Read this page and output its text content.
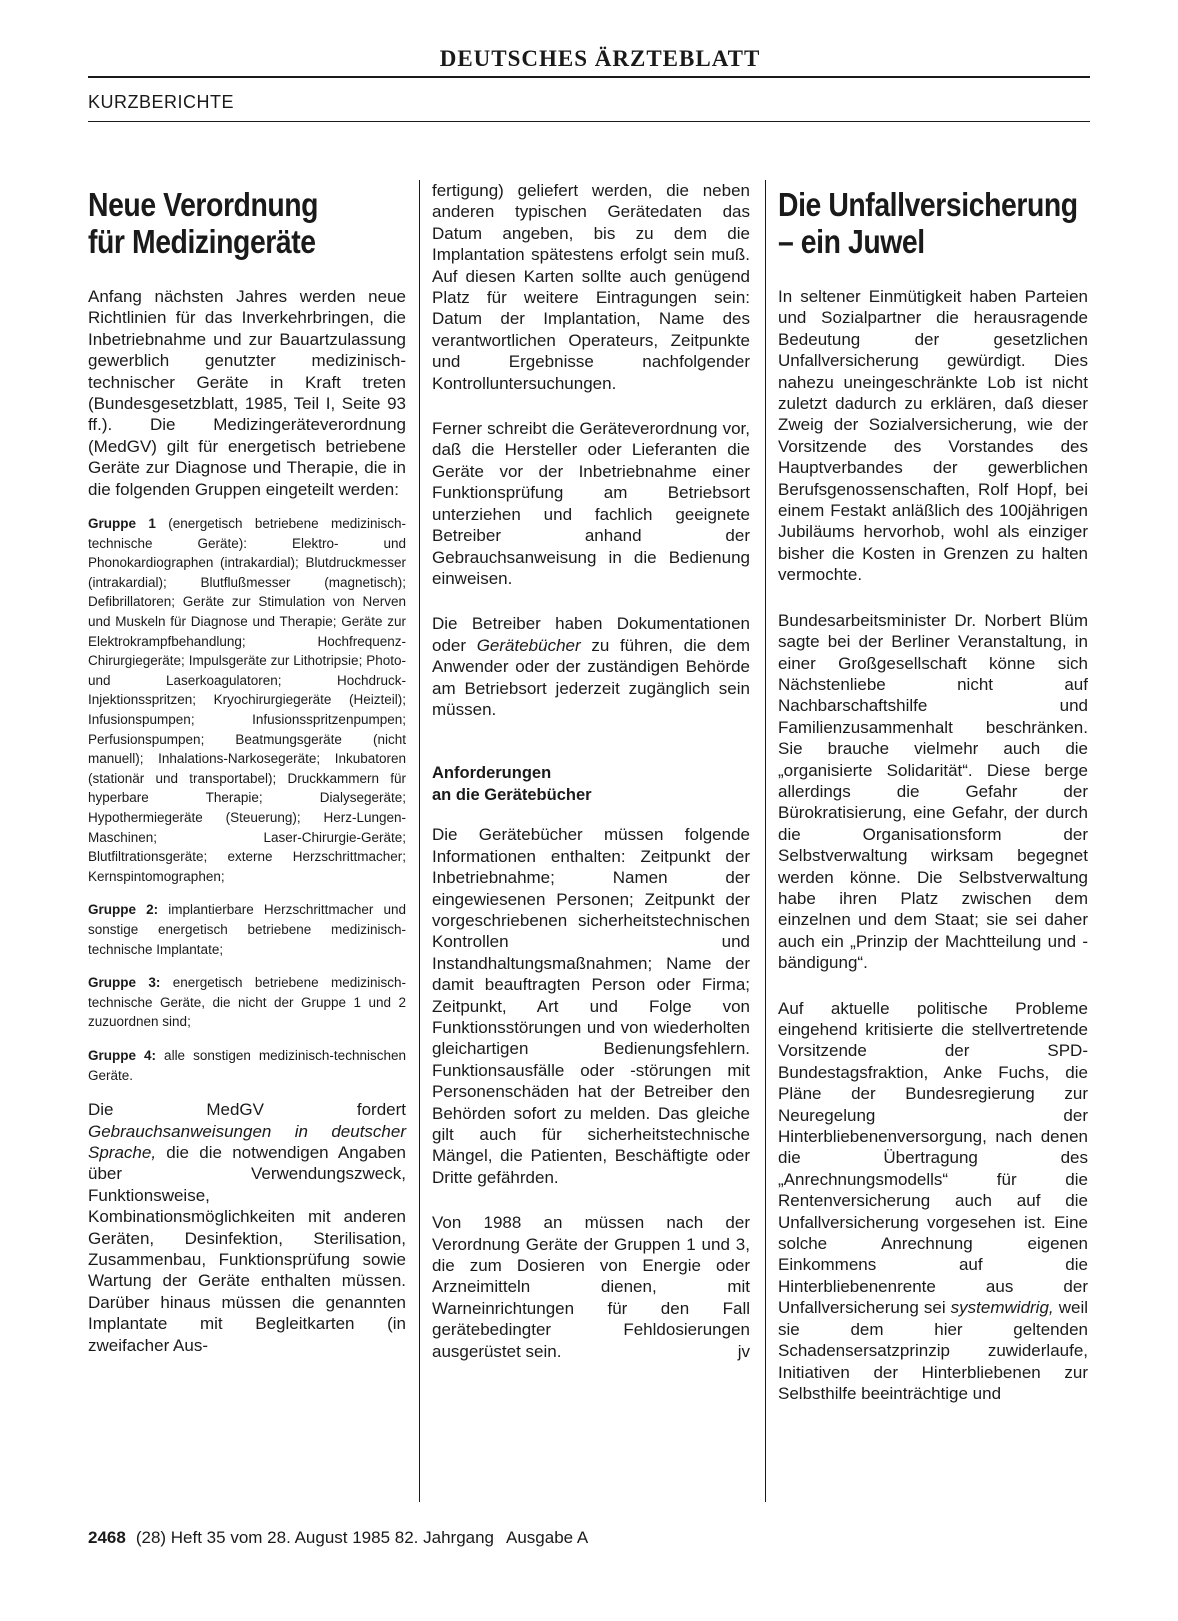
DEUTSCHES ÄRZTEBLATT
KURZBERICHTE
Neue Verordnung
für Medizingeräte

Anfang nächsten Jahres werden neue Richtlinien für das Inverkehrbringen, die Inbetriebnahme und zur Bauartzulassung gewerblich genutzter medizinisch-technischer Geräte in Kraft treten (Bundesgesetzblatt, 1985, Teil I, Seite 93 ff.). Die Medizingeräteverordnung (MedGV) gilt für energetisch betriebene Geräte zur Diagnose und Therapie, die in die folgenden Gruppen eingeteilt werden:

Gruppe 1 (energetisch betriebene medizinisch-technische Geräte): Elektro- und Phonokardiographen (intrakardial); Blutdruckmesser (intrakardial); Blutflußmesser (magnetisch); Defibrillatoren; Geräte zur Stimulation von Nerven und Muskeln für Diagnose und Therapie; Geräte zur Elektrokrampfbehandlung; Hochfrequenz-Chirurgiegeräte; Impulsgeräte zur Lithotripsie; Photo- und Laserkoagulatoren; Hochdruck-Injektionsspritzen; Kryochirurgiegeräte (Heizteil); Infusionspumpen; Infusionsspritzenpumpen; Perfusionspumpen; Beatmungsgeräte (nicht manuell); Inhalations-Narkosegeräte; Inkubatoren (stationär und transportabel); Druckkammern für hyperbare Therapie; Dialysegeräte; Hypothermiegeräte (Steuerung); Herz-Lungen-Maschinen; Laser-Chirurgie-Geräte; Blutfiltrationsgeräte; externe Herzschrittmacher; Kernspintomographen;

Gruppe 2: implantierbare Herzschrittmacher und sonstige energetisch betriebene medizinisch-technische Implantate;

Gruppe 3: energetisch betriebene medizinisch-technische Geräte, die nicht der Gruppe 1 und 2 zuzuordnen sind;

Gruppe 4: alle sonstigen medizinisch-technischen Geräte.

Die MedGV fordert Gebrauchsanweisungen in deutscher Sprache, die die notwendigen Angaben über Verwendungszweck, Funktionsweise, Kombinationsmöglichkeiten mit anderen Geräten, Desinfektion, Sterilisation, Zusammenbau, Funktionsprüfung sowie Wartung der Geräte enthalten müssen. Darüber hinaus müssen die genannten Implantate mit Begleitkarten (in zweifacher Aus-

fertigung) geliefert werden, die neben anderen typischen Gerätedaten das Datum angeben, bis zu dem die Implantation spätestens erfolgt sein muß. Auf diesen Karten sollte auch genügend Platz für weitere Eintragungen sein: Datum der Implantation, Name des verantwortlichen Operateurs, Zeitpunkte und Ergebnisse nachfolgender Kontrolluntersuchungen.

Ferner schreibt die Geräteverordnung vor, daß die Hersteller oder Lieferanten die Geräte vor der Inbetriebnahme einer Funktionsprüfung am Betriebsort unterziehen und fachlich geeignete Betreiber anhand der Gebrauchsanweisung in die Bedienung einweisen.

Die Betreiber haben Dokumentationen oder Gerätebücher zu führen, die dem Anwender oder der zuständigen Behörde am Betriebsort jederzeit zugänglich sein müssen.

Anforderungen
an die Gerätebücher

Die Gerätebücher müssen folgende Informationen enthalten: Zeitpunkt der Inbetriebnahme; Namen der eingewiesenen Personen; Zeitpunkt der vorgeschriebenen sicherheitstechnischen Kontrollen und Instandhaltungsmaßnahmen; Name der damit beauftragten Person oder Firma; Zeitpunkt, Art und Folge von Funktionsstörungen und von wiederholten gleichartigen Bedienungsfehlern. Funktionsausfälle oder -störungen mit Personenschäden hat der Betreiber den Behörden sofort zu melden. Das gleiche gilt auch für sicherheitstechnische Mängel, die Patienten, Beschäftigte oder Dritte gefährden.

Von 1988 an müssen nach der Verordnung Geräte der Gruppen 1 und 3, die zum Dosieren von Energie oder Arzneimitteln dienen, mit Warneinrichtungen für den Fall gerätebedingter Fehldosierungen ausgerüstet sein.	jv

Die Unfallversicherung
– ein Juwel

In seltener Einmütigkeit haben Parteien und Sozialpartner die herausragende Bedeutung der gesetzlichen Unfallversicherung gewürdigt. Dies nahezu uneingeschränkte Lob ist nicht zuletzt dadurch zu erklären, daß dieser Zweig der Sozialversicherung, wie der Vorsitzende des Vorstandes des Hauptverbandes der gewerblichen Berufsgenossenschaften, Rolf Hopf, bei einem Festakt anläßlich des 100jährigen Jubiläums hervorhob, wohl als einziger bisher die Kosten in Grenzen zu halten vermochte.

Bundesarbeitsminister Dr. Norbert Blüm sagte bei der Berliner Veranstaltung, in einer Großgesellschaft könne sich Nächstenliebe nicht auf Nachbarschaftshilfe und Familienzusammenhalt beschränken. Sie brauche vielmehr auch die „organisierte Solidarität“. Diese berge allerdings die Gefahr der Bürokratisierung, eine Gefahr, der durch die Organisationsform der Selbstverwaltung wirksam begegnet werden könne. Die Selbstverwaltung habe ihren Platz zwischen dem einzelnen und dem Staat; sie sei daher auch ein „Prinzip der Machtteilung und -bändigung“.

Auf aktuelle politische Probleme eingehend kritisierte die stellvertretende Vorsitzende der SPD-Bundestagsfraktion, Anke Fuchs, die Pläne der Bundesregierung zur Neuregelung der Hinterbliebenenversorgung, nach denen die Übertragung des „Anrechnungsmodells“ für die Rentenversicherung auch auf die Unfallversicherung vorgesehen ist. Eine solche Anrechnung eigenen Einkommens auf die Hinterbliebenenrente aus der Unfallversicherung sei systemwidrig, weil sie dem hier geltenden Schadensersatzprinzip zuwiderlaufe, Initiativen der Hinterbliebenen zur Selbsthilfe beeinträchtige und

2468 (28) Heft 35 vom 28. August 1985 82. Jahrgang Ausgabe A
